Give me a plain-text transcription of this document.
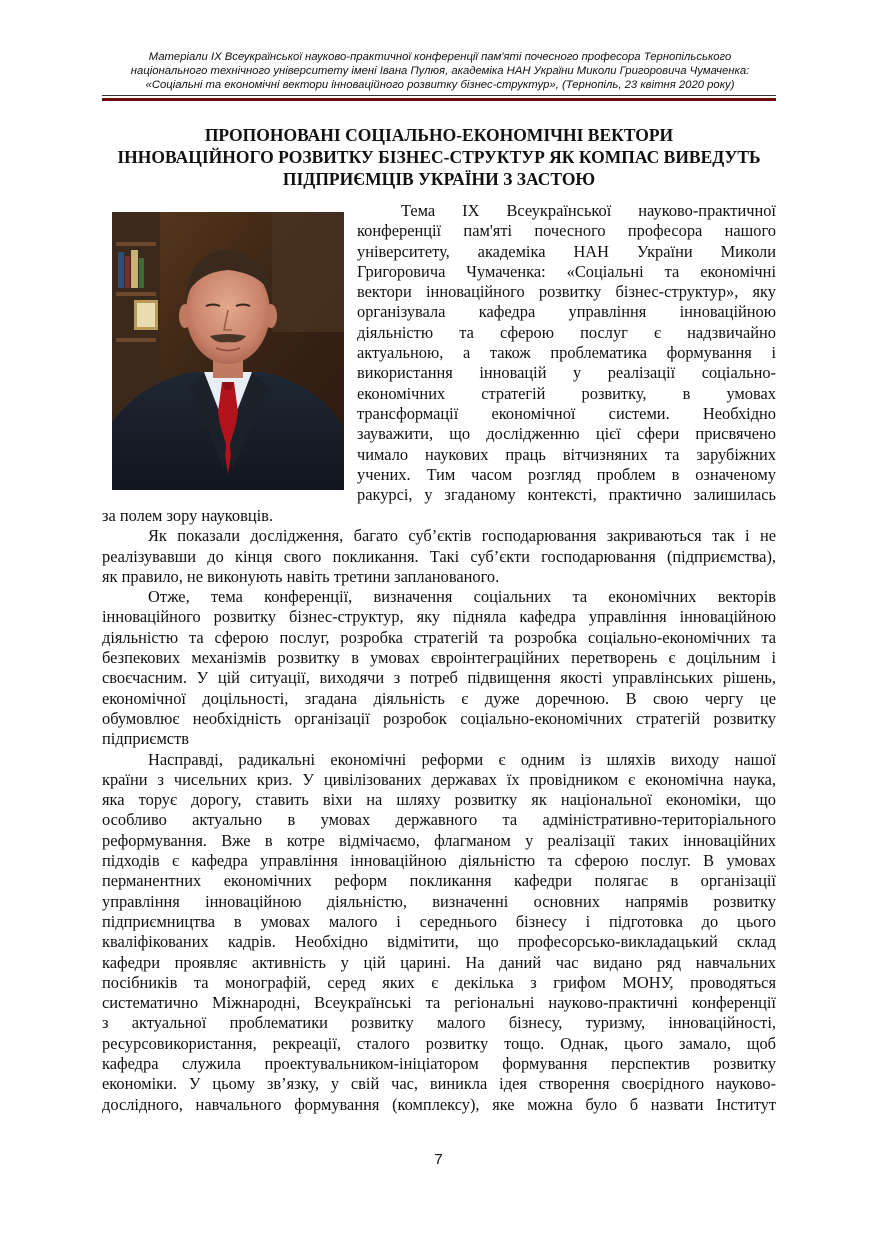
Матеріали IX Всеукраїнської науково-практичної конференції пам'яті почесного професора Тернопільського
національного технічного університету імені Івана Пулюя, академіка НАН України Миколи Григоровича Чумаченка:
«Соціальні та економічні вектори інноваційного розвитку бізнес-структур», (Тернопіль, 23 квітня 2020 року)
ПРОПОНОВАНІ СОЦІАЛЬНО-ЕКОНОМІЧНІ ВЕКТОРИ
ІННОВАЦІЙНОГО РОЗВИТКУ БІЗНЕС-СТРУКТУР ЯК КОМПАС ВИВЕДУТЬ
ПІДПРИЄМЦІВ УКРАЇНИ З ЗАСТОЮ
Тема IX Всеукраїнської науково-практичної
конференції пам'яті почесного професора нашого
університету, академіка НАН України Миколи
Григоровича Чумаченка: «Соціальні та економічні
вектори інноваційного розвитку бізнес-структур», яку
організувала кафедра управління інноваційною
діяльністю та сферою послуг є надзвичайно
актуальною, а також проблематика формування і
використання інновацій у реалізації соціально-
економічних стратегій розвитку, в умовах
трансформації економічної системи. Необхідно
зауважити, що дослідженню цієї сфери присвячено
чимало наукових праць вітчизняних та зарубіжних
учених. Тим часом розгляд проблем в означеному
ракурсі, у згаданому контексті, практично залишилась
за полем зору науковців.
Як показали дослідження, багато суб’єктів господарювання закриваються так і не
реалізувавши до кінця свого покликання. Такі суб’єкти господарювання (підприємства),
як правило, не виконують навіть третини запланованого.
Отже, тема конференції, визначення соціальних та економічних векторів
інноваційного розвитку бізнес-структур, яку підняла кафедра управління інноваційною
діяльністю та сферою послуг, розробка стратегій та розробка соціально-економічних та
безпекових механізмів розвитку в умовах євроінтеграційних перетворень є доцільним і
своєчасним. У цій ситуації, виходячи з потреб підвищення якості управлінських рішень,
економічної доцільності, згадана діяльність є дуже доречною. В свою чергу це
обумовлює необхідність організації розробок соціально-економічних стратегій розвитку
підприємств
Насправді, радикальні економічні реформи є одним із шляхів виходу нашої
країни з чисельних криз. У цивілізованих державах їх провідником є економічна наука,
яка торує дорогу, ставить віхи на шляху розвитку як національної економіки, що
особливо актуально в умовах державного та адміністративно-територіального
реформування. Вже в котре відмічаємо, флагманом у реалізації таких інноваційних
підходів є кафедра управління інноваційною діяльністю та сферою послуг. В умовах
перманентних економічних реформ покликання кафедри полягає в організації
управління інноваційною діяльністю, визначенні основних напрямів розвитку
підприємництва в умовах малого і середнього бізнесу і підготовка до цього
кваліфікованих кадрів. Необхідно відмітити, що професорсько-викладацький склад
кафедри проявляє активність у цій царині. На даний час видано ряд навчальних
посібників та монографій, серед яких є декілька з грифом МОНУ, проводяться
систематично Міжнародні, Всеукраїнські та регіональні науково-практичні конференції
з актуальної проблематики розвитку малого бізнесу, туризму, інноваційності,
ресурсовикористання, рекреації, сталого розвитку тощо. Однак, цього замало, щоб
кафедра служила проектувальником-ініціатором формування перспектив розвитку
економіки. У цьому зв’язку, у свій час, виникла ідея створення своєрідного науково-
дослідного, навчального формування (комплексу), яке можна було б назвати Інститут
7
